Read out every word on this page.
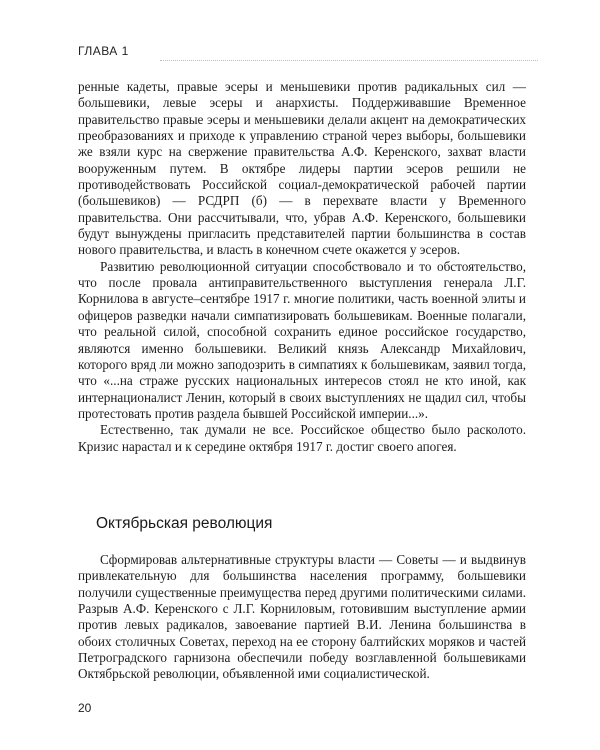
ГЛАВА 1

ренные кадеты, правые эсеры и меньшевики против радикальных сил — большевики, левые эсеры и анархисты. Поддерживавшие Временное правительство правые эсеры и меньшевики делали акцент на демократических преобразованиях и приходе к управлению страной через выборы, большевики же взяли курс на свержение правительства А.Ф. Керенского, захват власти вооруженным путем. В октябре лидеры партии эсеров решили не противодействовать Российской социал-демократической рабочей партии (большевиков) — РСДРП (б) — в перехвате власти у Временного правительства. Они рассчитывали, что, убрав А.Ф. Керенского, большевики будут вынуждены пригласить представителей партии большинства в состав нового правительства, и власть в конечном счете окажется у эсеров.

Развитию революционной ситуации способствовало и то обстоятельство, что после провала антиправительственного выступления генерала Л.Г. Корнилова в августе–сентябре 1917 г. многие политики, часть военной элиты и офицеров разведки начали симпатизировать большевикам. Военные полагали, что реальной силой, способной сохранить единое российское государство, являются именно большевики. Великий князь Александр Михайлович, которого вряд ли можно заподозрить в симпатиях к большевикам, заявил тогда, что «...на страже русских национальных интересов стоял не кто иной, как интернационалист Ленин, который в своих выступлениях не щадил сил, чтобы протестовать против раздела бывшей Российской империи...».

Естественно, так думали не все. Российское общество было расколото. Кризис нарастал и к середине октября 1917 г. достиг своего апогея.

Октябрьская революция

Сформировав альтернативные структуры власти — Советы — и выдвинув привлекательную для большинства населения программу, большевики получили существенные преимущества перед другими политическими силами. Разрыв А.Ф. Керенского с Л.Г. Корниловым, готовившим выступление армии против левых радикалов, завоевание партией В.И. Ленина большинства в обоих столичных Советах, переход на ее сторону балтийских моряков и частей Петроградского гарнизона обеспечили победу возглавленной большевиками Октябрьской революции, объявленной ими социалистической.

20
